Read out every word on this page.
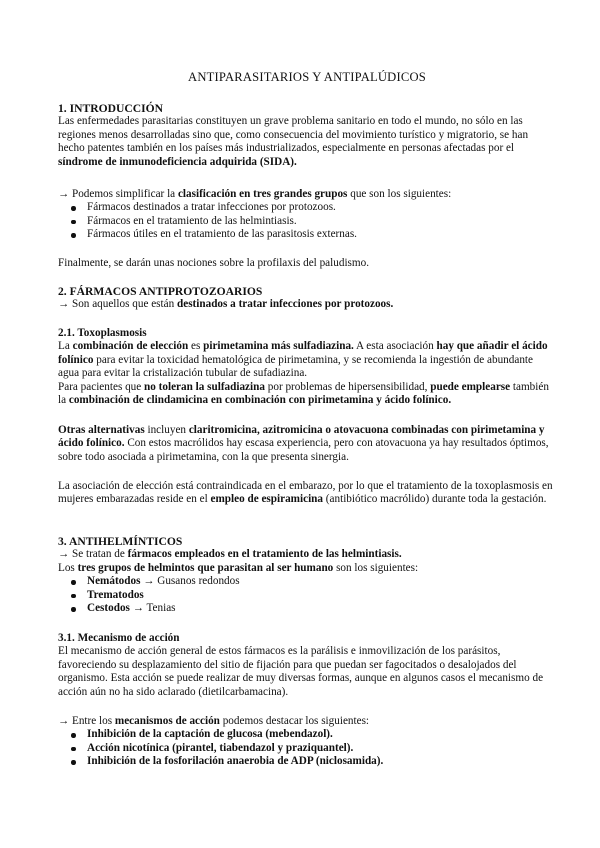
ANTIPARASITARIOS Y ANTIPALÚDICOS
1. INTRODUCCIÓN

Las enfermedades parasitarias constituyen un grave problema sanitario en todo el mundo, no sólo en las regiones menos desarrolladas sino que, como consecuencia del movimiento turístico y migratorio, se han hecho patentes también en los países más industrializados, especialmente en personas afectadas por el síndrome de inmunodeficiencia adquirida (SIDA).

→ Podemos simplificar la clasificación en tres grandes grupos que son los siguientes:

Fármacos destinados a tratar infecciones por protozoos.
Fármacos en el tratamiento de las helmintiasis.
Fármacos útiles en el tratamiento de las parasitosis externas.

Finalmente, se darán unas nociones sobre la profilaxis del paludismo.

2. FÁRMACOS ANTIPROTOZOARIOS

→ Son aquellos que están destinados a tratar infecciones por protozoos.

2.1. Toxoplasmosis

La combinación de elección es pirimetamina más sulfadiazina. A esta asociación hay que añadir el ácido folínico para evitar la toxicidad hematológica de pirimetamina, y se recomienda la ingestión de abundante agua para evitar la cristalización tubular de sufadiazina.

Para pacientes que no toleran la sulfadiazina por problemas de hipersensibilidad, puede emplearse también la combinación de clindamicina en combinación con pirimetamina y ácido folínico.

Otras alternativas incluyen claritromicina, azitromicina o atovacuona combinadas con pirimetamina y ácido folínico. Con estos macrólidos hay escasa experiencia, pero con atovacuona ya hay resultados óptimos, sobre todo asociada a pirimetamina, con la que presenta sinergia.

La asociación de elección está contraindicada en el embarazo, por lo que el tratamiento de la toxoplasmosis en mujeres embarazadas reside en el empleo de espiramicina (antibiótico macrólido) durante toda la gestación.

3. ANTIHELMÍNTICOS

→ Se tratan de fármacos empleados en el tratamiento de las helmintiasis.

Los tres grupos de helmintos que parasitan al ser humano son los siguientes:

Nemátodos → Gusanos redondos
Trematodos
Cestodos → Tenias
3.1. Mecanismo de acción

El mecanismo de acción general de estos fármacos es la parálisis e inmovilización de los parásitos, favoreciendo su desplazamiento del sitio de fijación para que puedan ser fagocitados o desalojados del organismo. Esta acción se puede realizar de muy diversas formas, aunque en algunos casos el mecanismo de acción aún no ha sido aclarado (dietilcarbamacina).

→ Entre los mecanismos de acción podemos destacar los siguientes:

Inhibición de la captación de glucosa (mebendazol).
Acción nicotínica (pirantel, tiabendazol y praziquantel).
Inhibición de la fosforilación anaerobia de ADP (niclosamida).
